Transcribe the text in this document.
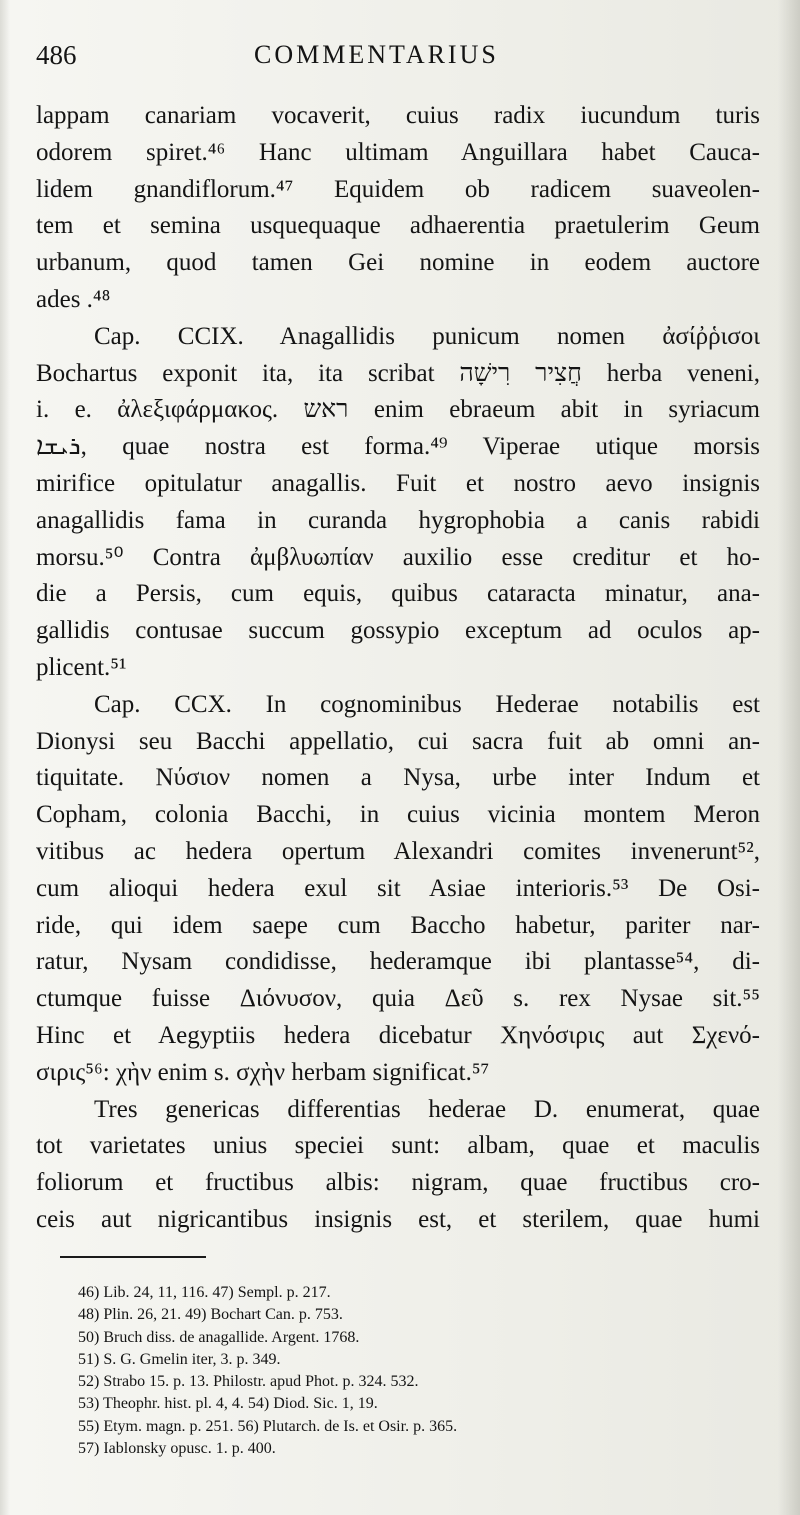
486	COMMENTARIUS
lappam canariam vocaverit, cuius radix iucundum turis
odorem spiret.⁴⁶ Hanc ultimam Anguillara habet Cauca-
lidem gnandiflorum.⁴⁷ Equidem ob radicem suaveolen-
tem et semina usquequaque adhaerentia praetulerim Geum
urbanum, quod tamen Gei nomine in eodem auctore
ades .⁴⁸
Cap. CCIX. Anagallidis punicum nomen ἀσίῤῥισοι
Bochartus exponit ita, ita scribat חֲצִיר רִישָׁה herba veneni,
i. e. ἀλεξιφάρμακος. ראש enim ebraeum abit in syriacum
ܪܝܫܐ, quae nostra est forma.⁴⁹ Viperae utique morsis
mirifice opitulatur anagallis. Fuit et nostro aevo insignis
anagallidis fama in curanda hygrophobia a canis rabidi
morsu.⁵⁰ Contra ἀμβλυωπίαν auxilio esse creditur et ho-
die a Persis, cum equis, quibus cataracta minatur, ana-
gallidis contusae succum gossypio exceptum ad oculos ap-
plicent.⁵¹
Cap. CCX. In cognominibus Hederae notabilis est
Dionysi seu Bacchi appellatio, cui sacra fuit ab omni an-
tiquitate. Νύσιον nomen a Nysa, urbe inter Indum et
Copham, colonia Bacchi, in cuius vicinia montem Meron
vitibus ac hedera opertum Alexandri comites invenerunt⁵²,
cum alioqui hedera exul sit Asiae interioris.⁵³ De Osi-
ride, qui idem saepe cum Baccho habetur, pariter nar-
ratur, Nysam condidisse, hederamque ibi plantasse⁵⁴, di-
ctumque fuisse Διόνυσον, quia Δεῦ s. rex Nysae sit.⁵⁵
Hinc et Aegyptiis hedera dicebatur Χηνόσιρις aut Σχενό-
σιρις⁵⁶: χὴν enim s. σχὴν herbam significat.⁵⁷
Tres genericas differentias hederae D. enumerat, quae
tot varietates unius speciei sunt: albam, quae et maculis
foliorum et fructibus albis: nigram, quae fructibus cro-
ceis aut nigricantibus insignis est, et sterilem, quae humi
46) Lib. 24, 11, 116. 47) Sempl. p. 217.
48) Plin. 26, 21. 49) Bochart Can. p. 753.
50) Bruch diss. de anagallide. Argent. 1768.
51) S. G. Gmelin iter, 3. p. 349.
52) Strabo 15. p. 13. Philostr. apud Phot. p. 324. 532.
53) Theophr. hist. pl. 4, 4. 54) Diod. Sic. 1, 19.
55) Etym. magn. p. 251. 56) Plutarch. de Is. et Osir. p. 365.
57) Iablonsky opusc. 1. p. 400.
